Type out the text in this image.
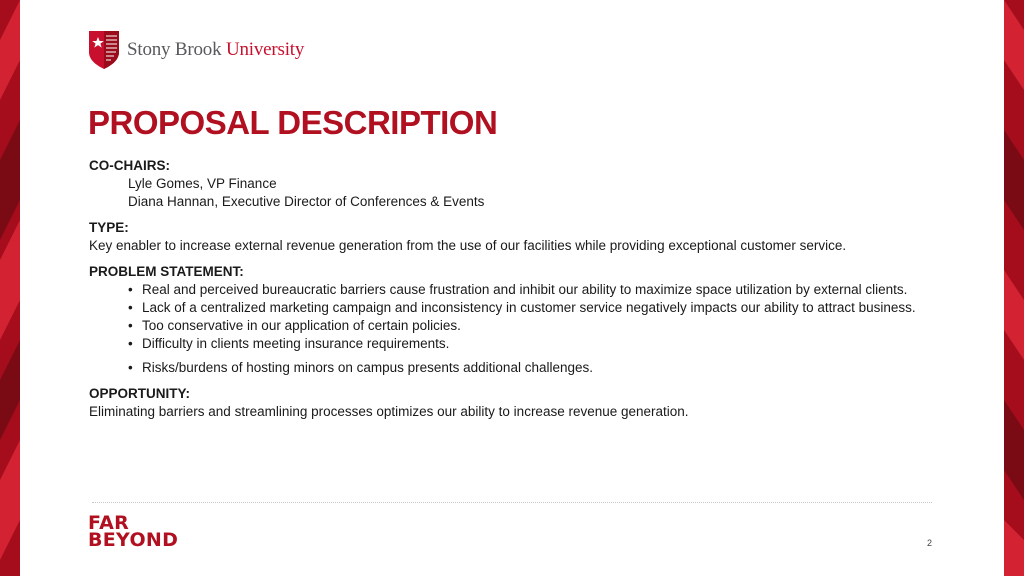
Stony Brook University
PROPOSAL DESCRIPTION
CO-CHAIRS:
Lyle Gomes, VP Finance
Diana Hannan, Executive Director of Conferences & Events
TYPE:
Key enabler to increase external revenue generation from the use of our facilities while providing exceptional customer service.
PROBLEM STATEMENT:
• Real and perceived bureaucratic barriers cause frustration and inhibit our ability to maximize space utilization by external clients.
• Lack of a centralized marketing campaign and inconsistency in customer service negatively impacts our ability to attract business.
• Too conservative in our application of certain policies.
• Difficulty in clients meeting insurance requirements.
• Risks/burdens of hosting minors on campus presents additional challenges.
OPPORTUNITY:
Eliminating barriers and streamlining processes optimizes our ability to increase revenue generation.
FAR
BEYOND	2
